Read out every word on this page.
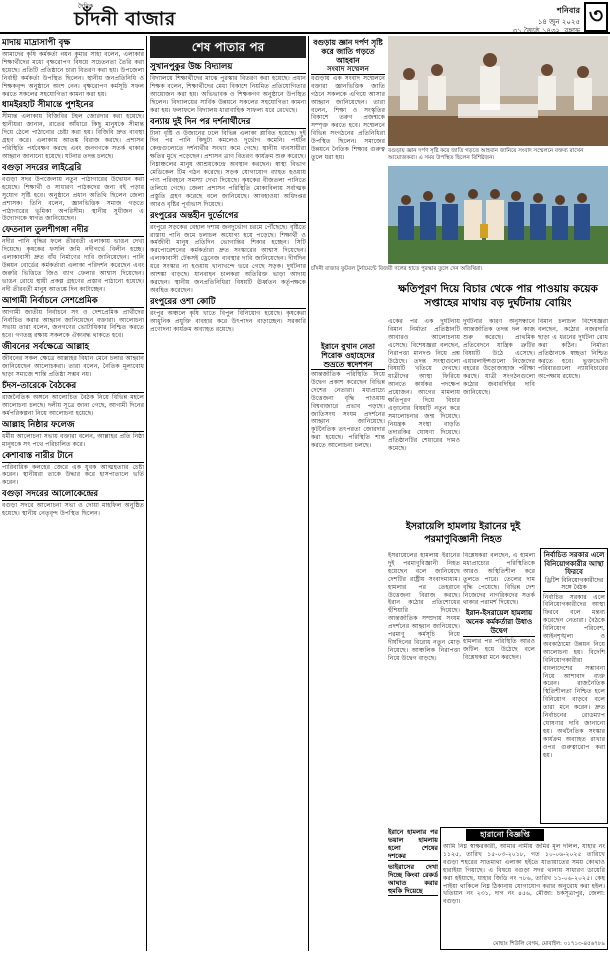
দৈনিক
চাঁদনী বাজার	শনিবার
১৪ জুন ২০২৫
৩১ জ্যৈষ্ঠ ১৪৩২, বঙ্গাব্দ
৩
শেষ পাতার পর
মাদায় মাদ্রাসাপী বৃক্ষ

আমাদের কৃষি কর্মকর্তা নয়ন কুমার সাহা বলেন, এলাকার শিক্ষার্থীদের মধ্যে বৃক্ষরোপণ বিষয়ে সচেতনতা তৈরি করা হয়েছে। প্রতিটি প্রতিষ্ঠানে চারা বিতরণ করা হয়। উপজেলা নির্বাহী কর্মকর্তা উপস্থিত ছিলেন। স্থানীয় জনপ্রতিনিধি ও শিক্ষকবৃন্দ অনুষ্ঠানে অংশ নেন। বৃক্ষরোপণ কর্মসূচি সফল করতে সকলের সহযোগিতা কামনা করা হয়।

ধামইরহাট সীমান্তে পুশইনের

সীমান্ত এলাকায় বিজিবির টহল জোরদার করা হয়েছে। স্থানীয়রা জানান, রাতের আঁধারে কিছু মানুষকে সীমান্ত দিয়ে ঠেলে পাঠানোর চেষ্টা করা হয়। বিজিবি দ্রুত ব্যবস্থা গ্রহণ করে। এলাকায় আতঙ্ক বিরাজ করছে। প্রশাসন পরিস্থিতি পর্যবেক্ষণ করছে এবং জনগণকে সতর্ক থাকার আহ্বান জানানো হয়েছে। ঘটনার তদন্ত চলছে।

বগুড়া সদরের লাইব্রেরি

বগুড়া সদর উপজেলায় নতুন পাঠাগারের উদ্বোধন করা হয়েছে। শিক্ষার্থী ও সাধারণ পাঠকদের জন্য বই পড়ার সুযোগ সৃষ্টি হবে। অনুষ্ঠানে প্রধান অতিথি ছিলেন জেলা প্রশাসক। তিনি বলেন, জ্ঞানভিত্তিক সমাজ গড়তে পাঠাগারের ভূমিকা অপরিসীম। স্থানীয় সুধীজন এ উদ্যোগকে স্বাগত জানিয়েছেন।

ফেতনাল তুলশীগঙ্গা নদীর

নদীর পানি বৃদ্ধির ফলে তীরবর্তী এলাকায় ভাঙন দেখা দিয়েছে। কৃষকের ফসলি জমি নদীগর্ভে বিলীন হচ্ছে। এলাকাবাসী দ্রুত বাঁধ নির্মাণের দাবি জানিয়েছেন। পানি উন্নয়ন বোর্ডের কর্মকর্তারা এলাকা পরিদর্শন করেছেন এবং জরুরি ভিত্তিতে জিও ব্যাগ ফেলার আশ্বাস দিয়েছেন। ভাঙন রোধে স্থায়ী প্রকল্প গ্রহণের প্রস্তাব পাঠানো হয়েছে। নদী তীরবর্তী মানুষ আতঙ্কে দিন কাটাচ্ছেন।

আগামী নির্বাচনে সেশপ্রেমিক

আগামী জাতীয় নির্বাচনে সৎ ও দেশপ্রেমিক প্রার্থীদের নির্বাচিত করার আহ্বান জানিয়েছেন বক্তারা। আলোচনা সভায় তারা বলেন, জনগণের ভোটাধিকার নিশ্চিত করতে হবে। গণতন্ত্র রক্ষায় সকলকে ঐক্যবদ্ধ থাকতে হবে।

জীবনের সর্বক্ষেত্রে আল্লাহ

জীবনের সকল ক্ষেত্রে আল্লাহর বিধান মেনে চলার আহ্বান জানিয়েছেন আলোচকরা। তারা বলেন, নৈতিক মূল্যবোধ ছাড়া সমাজে শান্তি প্রতিষ্ঠা সম্ভব নয়।

চঁদস-তারেকে বৈঠকের

রাজনৈতিক অঙ্গনে আলোচিত বৈঠক নিয়ে বিভিন্ন মহলে আলোচনা চলছে। দলীয় সূত্রে জানা গেছে, আগামী দিনের কর্মপরিকল্পনা নিয়ে আলোচনা হয়েছে।

আল্লাহ নিষ্ঠার ফলেজ

ধর্মীয় আলোচনা সভায় বক্তারা বলেন, আল্লাহর প্রতি নিষ্ঠা মানুষকে সৎ পথে পরিচালিত করে।

কেশাবাস্ত নারীর টানে

পারিবারিক কলহের জেরে এক যুবক আত্মহত্যার চেষ্টা করেন। স্থানীয়রা তাকে উদ্ধার করে হাসপাতালে ভর্তি করেন।

বগুড়া সদরের আলোকেন্দ্রের

বগুড়া সদরে আলোচনা সভা ও দোয়া মাহফিল অনুষ্ঠিত হয়েছে। স্থানীয় নেতৃবৃন্দ উপস্থিত ছিলেন।

সুখানপুকুর উচ্চ বিদ্যালয়

বিদ্যালয়ে শিক্ষার্থীদের মাঝে পুরস্কার বিতরণ করা হয়েছে। প্রধান শিক্ষক বলেন, শিক্ষার্থীদের মেধা বিকাশে নিয়মিত প্রতিযোগিতার আয়োজন করা হয়। অভিভাবক ও শিক্ষকগণ অনুষ্ঠানে উপস্থিত ছিলেন। বিদ্যালয়ের সার্বিক উন্নয়নে সকলের সহযোগিতা কামনা করা হয়। ফলাফলে বিদ্যালয় ধারাবাহিক সাফল্য ধরে রেখেছে।

বন্যায় দুই দিন পর দর্শনার্থীদের

টানা বৃষ্টি ও উজানের ঢলে বিভিন্ন এলাকা প্লাবিত হয়েছে। দুই দিন পর পানি কিছুটা কমলেও দুর্ভোগ কমেনি। পর্যটন কেন্দ্রগুলোতে দর্শনার্থীর সংখ্যা কমে গেছে। স্থানীয় ব্যবসায়ীরা ক্ষতির মুখে পড়েছেন। প্রশাসন ত্রাণ বিতরণ কার্যক্রম শুরু করেছে। নিম্নাঞ্চলের মানুষ আশ্রয়কেন্দ্রে অবস্থান করছেন। স্বাস্থ্য বিভাগ মেডিকেল টিম গঠন করেছে। সড়ক যোগাযোগ ব্যাহত হওয়ায় পণ্য পরিবহনে সমস্যা দেখা দিয়েছে। কৃষকের বীজতলা পানিতে তলিয়ে গেছে। জেলা প্রশাসন পরিস্থিতি মোকাবিলায় সর্বাত্মক প্রস্তুতি গ্রহণ করেছে বলে জানিয়েছে। আবহাওয়া অধিদপ্তর আরও বৃষ্টির পূর্বাভাস দিয়েছে।

রংপুরের অন্তহীন দুর্ভোগের

রংপুরে সড়কের বেহাল দশায় জনদুর্ভোগ চরমে পৌঁছেছে। বৃষ্টিতে রাস্তায় পানি জমে চলাচল অযোগ্য হয়ে পড়েছে। শিক্ষার্থী ও কর্মজীবী মানুষ প্রতিদিন ভোগান্তির শিকার হচ্ছেন। সিটি করপোরেশনের কর্মকর্তারা দ্রুত সংস্কারের আশ্বাস দিয়েছেন। এলাকাবাসী টেকসই ড্রেনেজ ব্যবস্থার দাবি জানিয়েছেন। দীর্ঘদিন ধরে সংস্কার না হওয়ায় খানাখন্দে ভরে গেছে সড়ক। দুর্ঘটনার আশঙ্কা বাড়ছে। যানবাহন চালকরা অতিরিক্ত ভাড়া আদায় করছেন। স্থানীয় জনপ্রতিনিধিরা বিষয়টি ঊর্ধ্বতন কর্তৃপক্ষকে অবহিত করেছেন।

রংপুরের ওশা কোটি

রংপুর অঞ্চলে কৃষি খাতে বিপুল বিনিয়োগ হয়েছে। কৃষকেরা আধুনিক প্রযুক্তি ব্যবহার করে উৎপাদন বাড়াচ্ছেন। সরকারি প্রণোদনা কার্যক্রম অব্যাহত রয়েছে।

বগুড়ায় জ্ঞান দর্পণ সৃষ্টি করে জাতি গড়তে আহবান
সংবাদ সম্মেলন

বগুড়ায় এক সংবাদ সম্মেলনে বক্তারা জ্ঞানভিত্তিক জাতি গঠনে সকলকে এগিয়ে আসার আহ্বান জানিয়েছেন। তারা বলেন, শিক্ষা ও সংস্কৃতির বিকাশে তরুণ প্রজন্মকে সম্পৃক্ত করতে হবে। সম্মেলনে বিভিন্ন সংগঠনের প্রতিনিধিরা উপস্থিত ছিলেন। সমাজের উন্নয়নে নৈতিক শিক্ষার গুরুত্ব তুলে ধরা হয়।

বগুড়ায় জ্ঞান দর্পণ সৃষ্টি করে জাতি গড়তে আহবান জানিয়ে সংবাদ সম্মেলনে বক্তব্য রাখেন আয়োজকরা। এ সময় উপস্থিত ছিলেন বিশিষ্টজন।
চাঁদনী বাজার ফুটবল টুর্নামেন্টে বিজয়ী দলের হাতে পুরস্কার তুলে দেন অতিথিরা।
ইরানে বুখান নেতা শিরোক ওহাহেদের শুভ্রতে স্বদেশপন

আন্তর্জাতিক পরিস্থিতি নিয়ে উদ্বেগ প্রকাশ করেছেন বিভিন্ন দেশের নেতারা। মধ্যপ্রাচ্যে উত্তেজনা বৃদ্ধি পাওয়ায় বিশ্ববাজারে প্রভাব পড়ছে। জাতিসংঘ সংযম প্রদর্শনের আহ্বান জানিয়েছে। কূটনৈতিক তৎপরতা জোরদার করা হয়েছে। পরিস্থিতি শান্ত করতে আলোচনা চলছে।

ক্ষতিপূরণ দিয়ে বিচার থেকে পার পাওয়ায় কয়েক সপ্তাহের মাথায় বড় দুর্ঘটনায় বোয়িং

একের পর এক দুর্ঘটনায় বিমান নির্মাতা প্রতিষ্ঠানটি আবারও আলোচনায় এসেছে। বিশেষজ্ঞরা বলছেন, নিরাপত্তা মানদণ্ড নিয়ে প্রশ্ন উঠেছে। তদন্ত সংস্থাগুলো বিষয়টি খতিয়ে দেখছে। যাত্রীদের আস্থা ফিরিয়ে আনতে কার্যকর পদক্ষেপ প্রয়োজন। আগের মামলায় ক্ষতিপূরণ দিয়ে বিচার এড়ানোর বিষয়টি নতুন করে সমালোচনার জন্ম দিয়েছে। নিয়ন্ত্রক সংস্থা বাড়তি তদারকির ঘোষণা দিয়েছে। প্রতিষ্ঠানটির শেয়ারের দামও কমেছে।

দুর্ঘটনার কারণ অনুসন্ধানে আন্তর্জাতিক তদন্ত দল কাজ শুরু করেছে। প্রাথমিক প্রতিবেদনে যান্ত্রিক ত্রুটির বিষয়টি উঠে এসেছে। এয়ারলাইন্সগুলো নিজেদের বহরের উড়োজাহাজ পরীক্ষা করছে। যাত্রী সংগঠনগুলো কঠোর জবাবদিহির দাবি জানিয়েছে।

বিমান চলাচল বিশেষজ্ঞরা বলছেন, কঠোর নজরদারি ছাড়া এ ধরনের দুর্ঘটনা রোধ করা কঠিন। নির্মাতা প্রতিষ্ঠানকে স্বচ্ছতা নিশ্চিত করতে হবে। ভুক্তভোগী পরিবারগুলো ন্যায়বিচারের অপেক্ষায় রয়েছে।

ইসরায়েলি হামলায় ইরানের দুই পরমাণুবিজ্ঞানী নিহত

ইসরায়েলের হামলায় ইরানের দুই পরমাণুবিজ্ঞানী নিহত হয়েছেন বলে জানিয়েছে দেশটির রাষ্ট্রীয় সংবাদমাধ্যম। হামলার পর তেহরানে উত্তেজনা বিরাজ করছে। ইরান কঠোর প্রতিশোধের হুঁশিয়ারি দিয়েছে। আন্তর্জাতিক সম্প্রদায় সংযম প্রদর্শনের আহ্বান জানিয়েছে। পরমাণু কর্মসূচি নিয়ে দীর্ঘদিনের বিরোধ নতুন মোড় নিয়েছে। আঞ্চলিক নিরাপত্তা নিয়ে উদ্বেগ বাড়ছে।

বিশ্লেষকরা বলছেন, এ হামলা মধ্যপ্রাচ্যের পরিস্থিতিকে আরও অস্থিতিশীল করে তুলতে পারে। তেলের দাম বৃদ্ধি পেয়েছে। বিভিন্ন দেশ নিজেদের নাগরিকদের সতর্ক থাকার পরামর্শ দিয়েছে।

ইরান-ইসরায়েল হামলায় অনেক কর্মকর্তারা উধাও উদ্বেগ

হামলার পর পরিস্থিতি আরও জটিল হয়ে উঠেছে বলে বিশ্লেষকরা মনে করছেন।

নির্বাচিত সরকার এলে বিনিয়োগকারীর আস্থা ফিরবে
ড্রিটিশ বিনিয়োগকারীদের সঙ্গে বৈঠক

নির্বাচিত সরকার এলে বিনিয়োগকারীদের আস্থা ফিরবে বলে মন্তব্য করেছেন নেতারা। বৈঠকে বিনিয়োগ পরিবেশ, আইনশৃঙ্খলা ও অবকাঠামো উন্নয়ন নিয়ে আলোচনা হয়। বিদেশি বিনিয়োগকারীরা বাংলাদেশের সম্ভাবনা নিয়ে আশাবাদ ব্যক্ত করেন। রাজনৈতিক স্থিতিশীলতা নিশ্চিত হলে বিনিয়োগ বাড়বে বলে তারা মনে করেন। দ্রুত নির্বাচনের রোডম্যাপ ঘোষণার দাবি জানানো হয়। অর্থনৈতিক সংস্কার কার্যক্রম অব্যাহত রাখার ওপর গুরুত্বারোপ করা হয়।

ইরানে হামলার পর ভয়াল হামলায় হলো শেষের দশকের
ভাইরাসের দেখা দিচ্ছে কিংবা রেকর্ড আঘাত করার হুমকি দিয়েছে
হারানো বিজ্ঞপ্তি

আমি নিম্ন স্বাক্ষরকারী, আমার নামীয় জমির মূল দলিল, যাহার নং ১১২৫, তারিখ ১৫-০৩-২০১৮, গত ১০-০৬-২০২৫ তারিখে বগুড়া শহরের সাতমাথা এলাকা হইতে যাতায়াতের সময় কোথাও হারাইয়া গিয়াছে। এ বিষয়ে বগুড়া সদর থানায় সাধারণ ডায়েরি করা হইয়াছে, যাহার জিডি নং ৭৮৬, তারিখ ১১-০৬-২০২৫। কেহ পাইয়া থাকিলে নিম্ন ঠিকানায় যোগাযোগ করার অনুরোধ করা হইল। খতিয়ান নং ২৩১, দাগ নং ৪৫৬, মৌজা: চকসূত্রাপুর, জেলা: বগুড়া।

মোছাঃ শিউলি বেগম, মোবাইল: ০১৭১৩-৪৫৬৭৮৯
